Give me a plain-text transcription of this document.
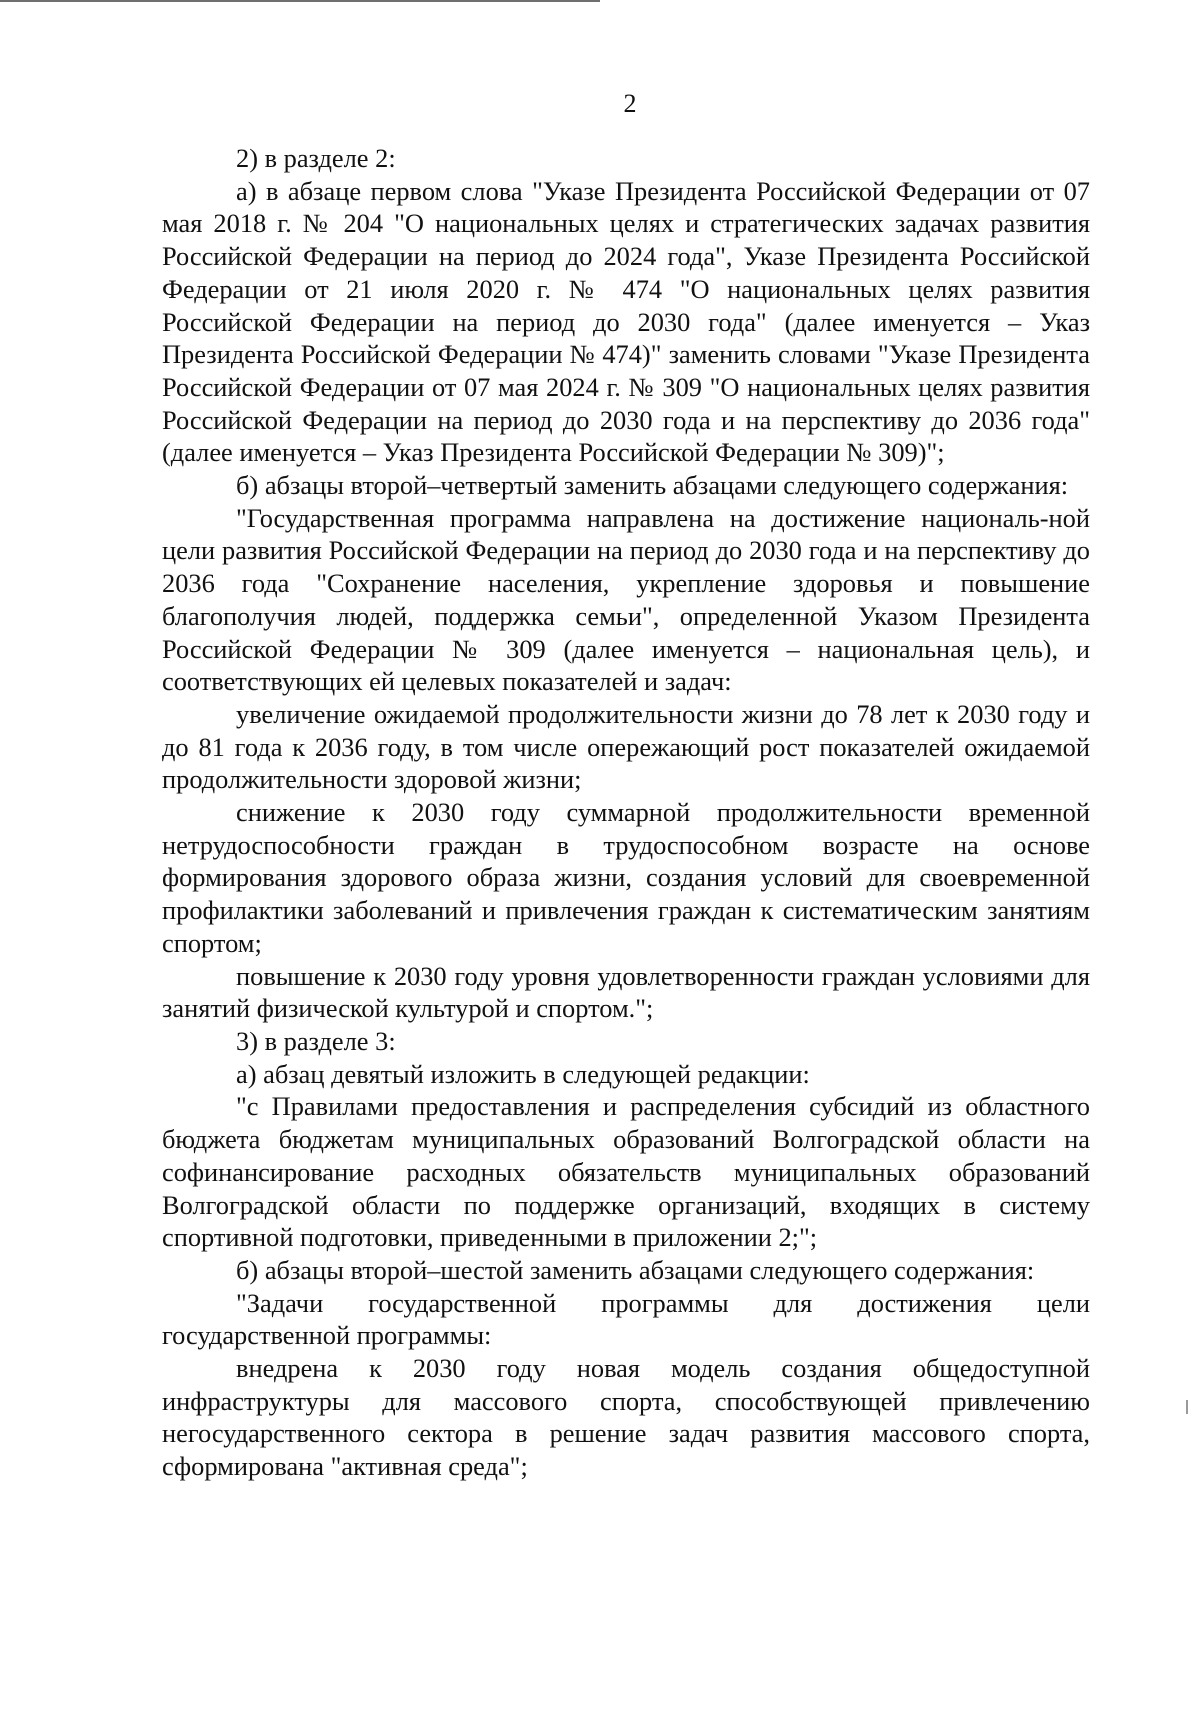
2

2) в разделе 2:

а) в абзаце первом слова "Указе Президента Российской Федерации от 07 мая 2018 г. № 204 "О национальных целях и стратегических задачах развития Российской Федерации на период до 2024 года", Указе Президента Российской Федерации от 21 июля 2020 г. № 474 "О национальных целях развития Российской Федерации на период до 2030 года" (далее именуется – Указ Президента Российской Федерации № 474)" заменить словами "Указе Президента Российской Федерации от 07 мая 2024 г. № 309 "О национальных целях развития Российской Федерации на период до 2030 года и на перспективу до 2036 года" (далее именуется – Указ Президента Российской Федерации № 309)";

б) абзацы второй–четвертый заменить абзацами следующего содержания:

"Государственная программа направлена на достижение националь-ной цели развития Российской Федерации на период до 2030 года и на перспективу до 2036 года "Сохранение населения, укрепление здоровья и повышение благополучия людей, поддержка семьи", определенной Указом Президента Российской Федерации № 309 (далее именуется – национальная цель), и соответствующих ей целевых показателей и задач:

увеличение ожидаемой продолжительности жизни до 78 лет к 2030 году и до 81 года к 2036 году, в том числе опережающий рост показателей ожидаемой продолжительности здоровой жизни;

снижение к 2030 году суммарной продолжительности временной нетрудоспособности граждан в трудоспособном возрасте на основе формирования здорового образа жизни, создания условий для своевременной профилактики заболеваний и привлечения граждан к систематическим занятиям спортом;

повышение к 2030 году уровня удовлетворенности граждан условиями для занятий физической культурой и спортом.";

3) в разделе 3:

а) абзац девятый изложить в следующей редакции:

"с Правилами предоставления и распределения субсидий из областного бюджета бюджетам муниципальных образований Волгоградской области на софинансирование расходных обязательств муниципальных образований Волгоградской области по поддержке организаций, входящих в систему спортивной подготовки, приведенными в приложении 2;";

б) абзацы второй–шестой заменить абзацами следующего содержания:

"Задачи государственной программы для достижения цели государственной программы:

внедрена к 2030 году новая модель создания общедоступной инфраструктуры для массового спорта, способствующей привлечению негосударственного сектора в решение задач развития массового спорта, сформирована "активная среда";
